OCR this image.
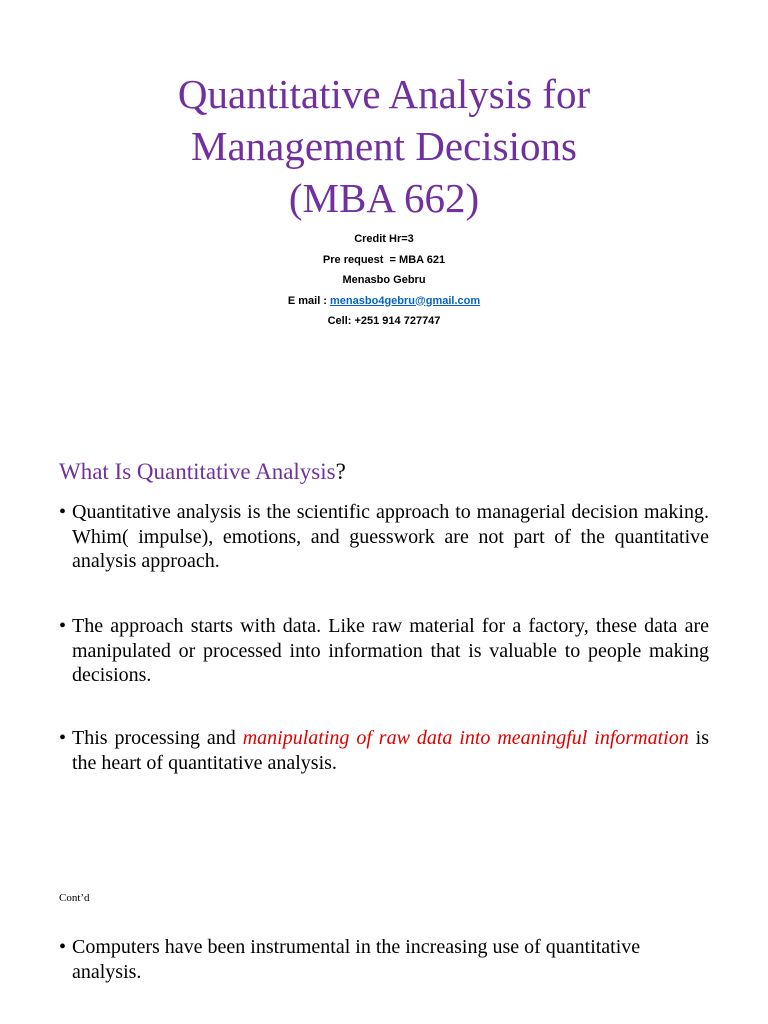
Quantitative Analysis for
Management Decisions
(MBA 662)
Credit Hr=3
Pre request  = MBA 621
Menasbo Gebru
E mail : menasbo4gebru@gmail.com
Cell: +251 914 727747
What Is Quantitative Analysis?
• Quantitative analysis is the scientific approach to managerial decision making. Whim( impulse), emotions, and guesswork are not part of the quantitative analysis approach.
• The approach starts with data. Like raw material for a factory, these data are manipulated or processed into information that is valuable to people making decisions.
• This processing and manipulating of raw data into meaningful information is the heart of quantitative analysis.
Cont’d
• Computers have been instrumental in the increasing use of quantitative analysis.
